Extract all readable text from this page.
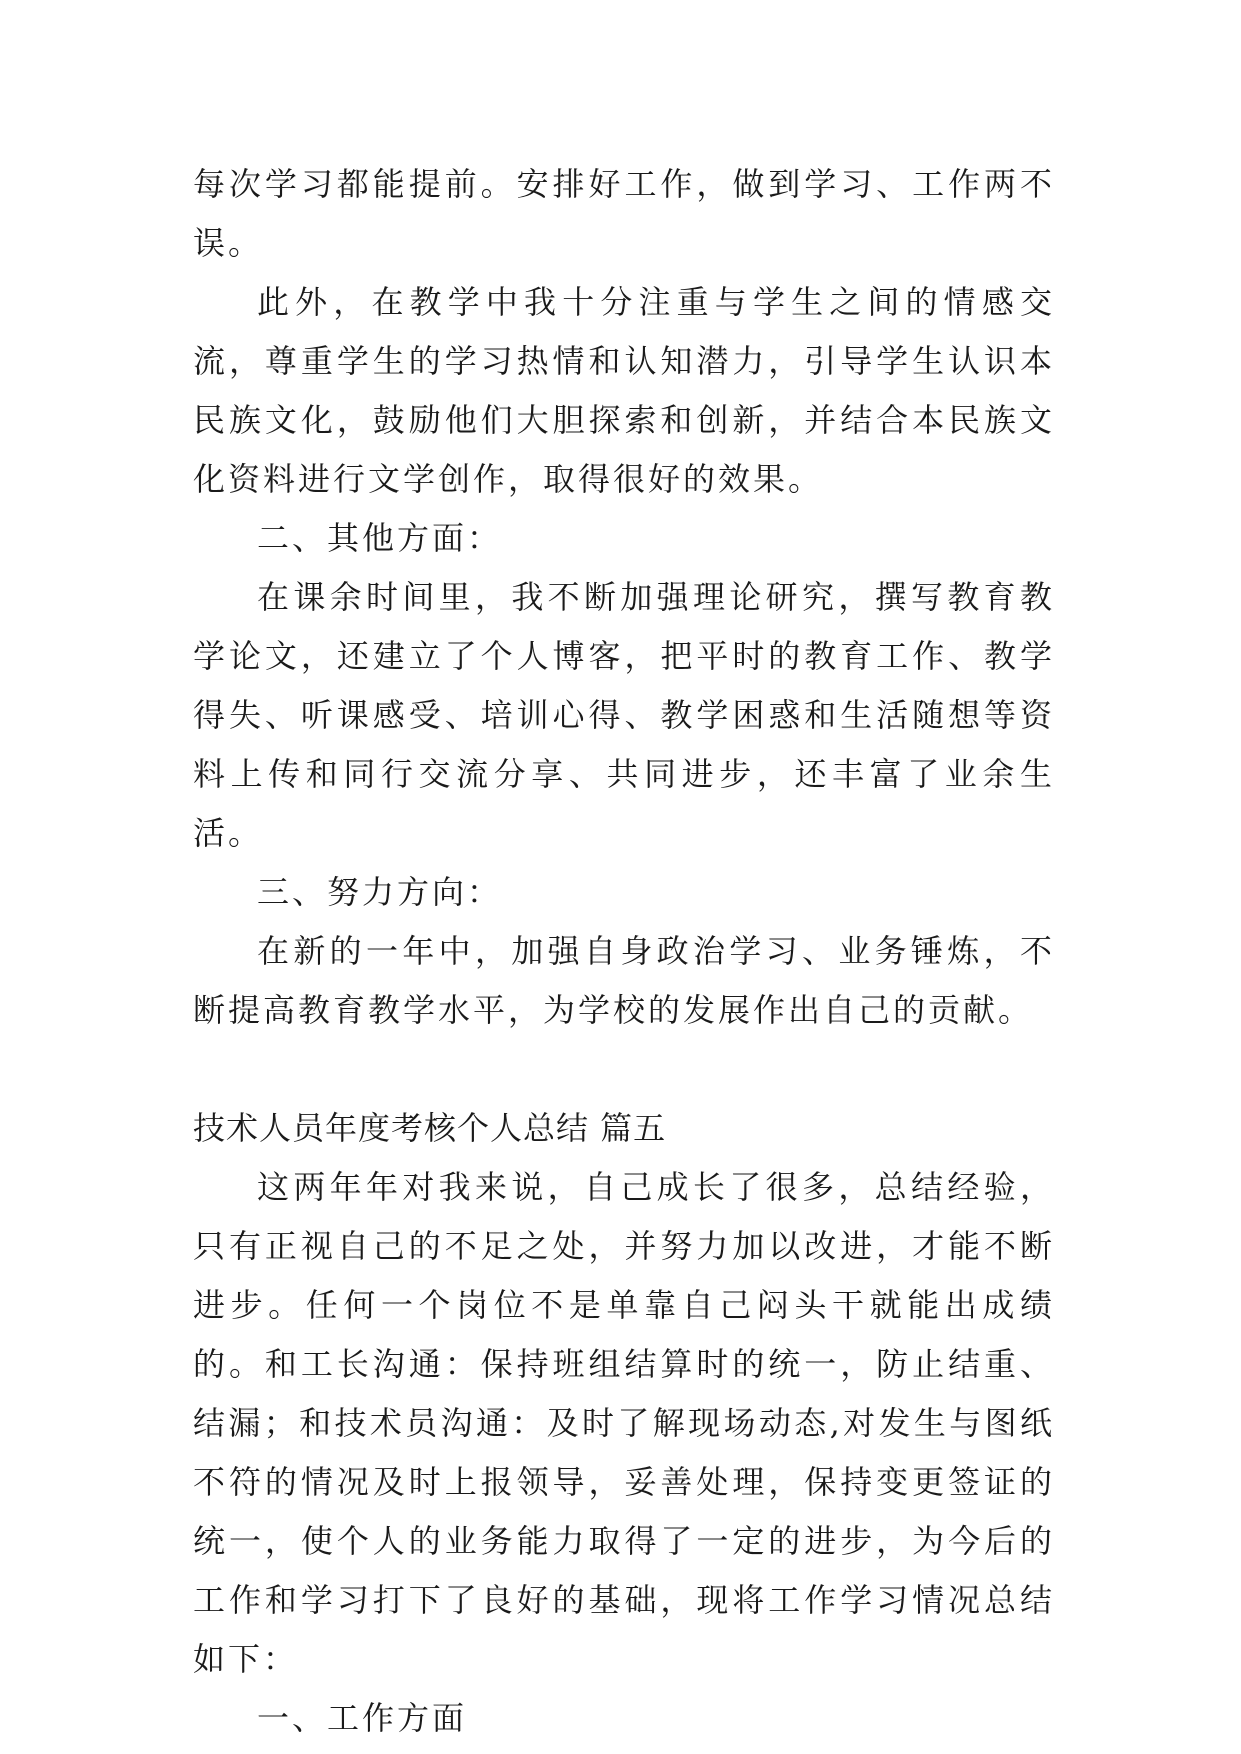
每次学习都能提前。安排好工作，做到学习、工作两不误。

此外，在教学中我十分注重与学生之间的情感交流，尊重学生的学习热情和认知潜力，引导学生认识本民族文化，鼓励他们大胆探索和创新，并结合本民族文化资料进行文学创作，取得很好的效果。

二、其他方面：

在课余时间里，我不断加强理论研究，撰写教育教学论文，还建立了个人博客，把平时的教育工作、教学得失、听课感受、培训心得、教学困惑和生活随想等资料上传和同行交流分享、共同进步，还丰富了业余生活。

三、努力方向：

在新的一年中，加强自身政治学习、业务锤炼，不断提高教育教学水平，为学校的发展作出自己的贡献。

技术人员年度考核个人总结 篇五

这两年年对我来说，自己成长了很多，总结经验，只有正视自己的不足之处，并努力加以改进，才能不断进步。任何一个岗位不是单靠自己闷头干就能出成绩的。和工长沟通：保持班组结算时的统一，防止结重、结漏；和技术员沟通：及时了解现场动态,对发生与图纸不符的情况及时上报领导，妥善处理，保持变更签证的统一，使个人的业务能力取得了一定的进步，为今后的工作和学习打下了良好的基础，现将工作学习情况总结如下：

一、工作方面
